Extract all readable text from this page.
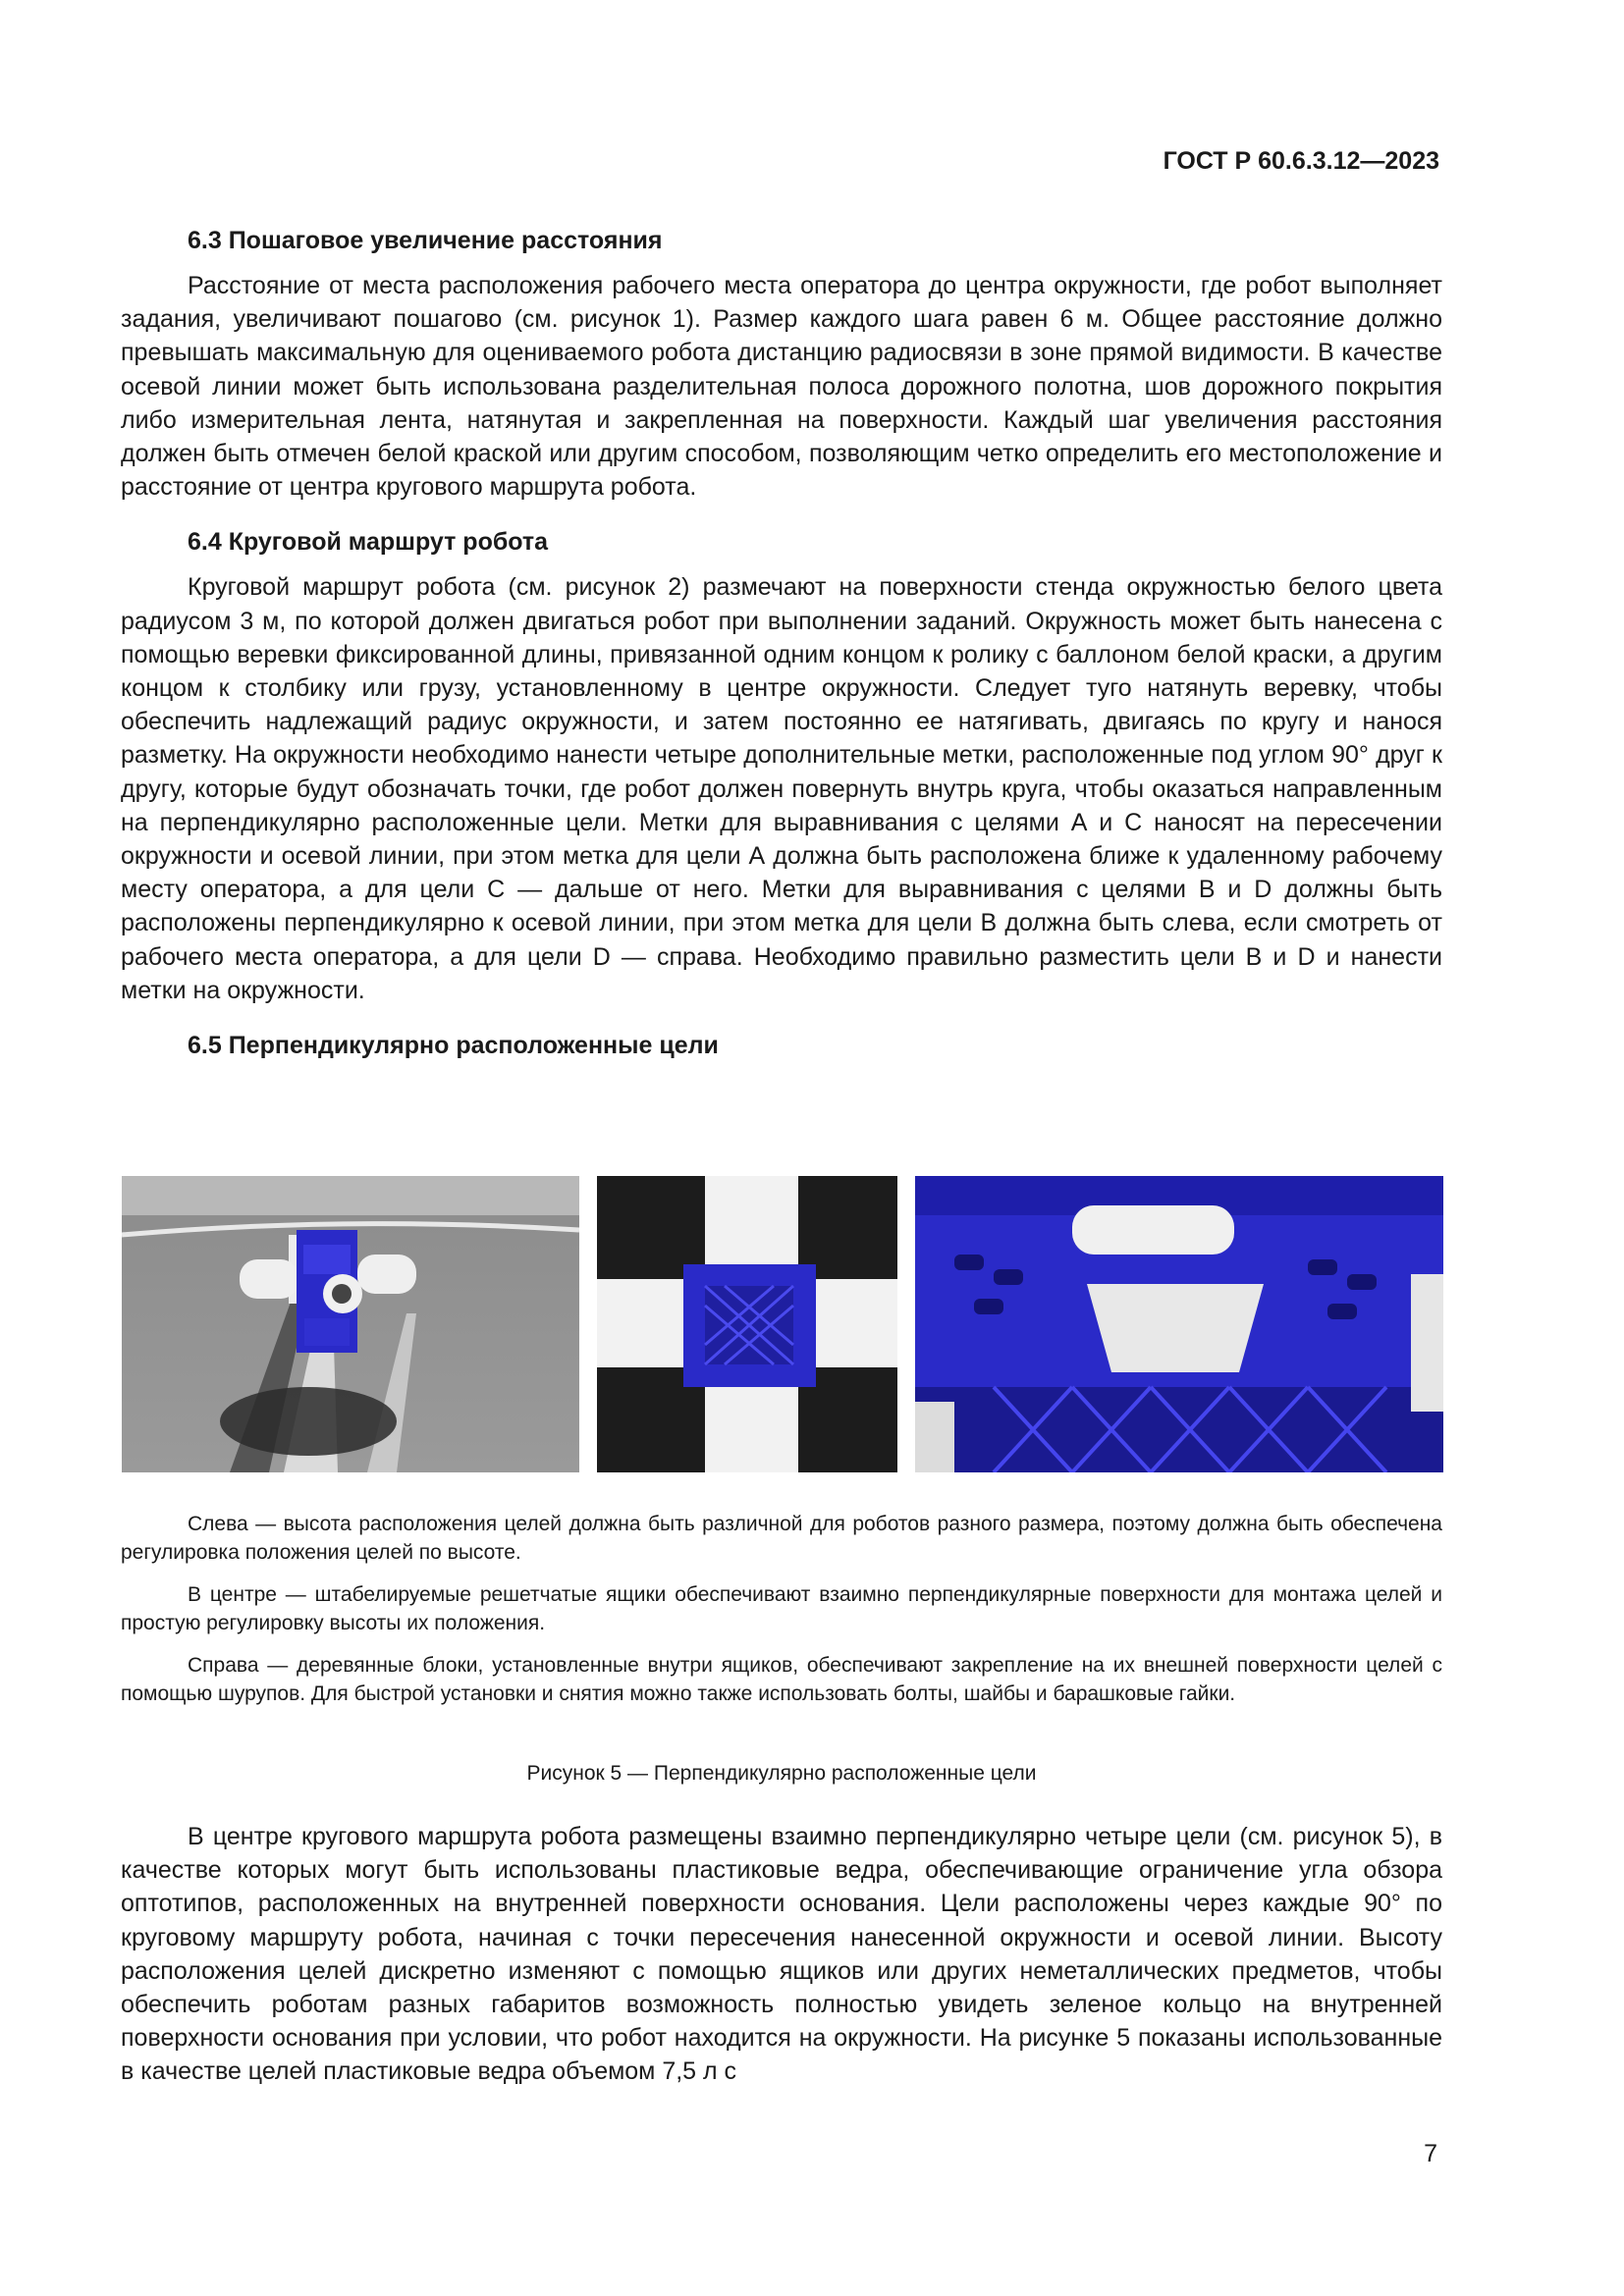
ГОСТ Р 60.6.3.12—2023
6.3 Пошаговое увеличение расстояния

Расстояние от места расположения рабочего места оператора до центра окружности, где робот выполняет задания, увеличивают пошагово (см. рисунок 1). Размер каждого шага равен 6 м. Общее расстояние должно превышать максимальную для оцениваемого робота дистанцию радиосвязи в зоне прямой видимости. В качестве осевой линии может быть использована разделительная полоса дорожного полотна, шов дорожного покрытия либо измерительная лента, натянутая и закрепленная на поверхности. Каждый шаг увеличения расстояния должен быть отмечен белой краской или другим способом, позволяющим четко определить его местоположение и расстояние от центра кругового маршрута робота.

6.4 Круговой маршрут робота

Круговой маршрут робота (см. рисунок 2) размечают на поверхности стенда окружностью белого цвета радиусом 3 м, по которой должен двигаться робот при выполнении заданий. Окружность может быть нанесена с помощью веревки фиксированной длины, привязанной одним концом к ролику с баллоном белой краски, а другим концом к столбику или грузу, установленному в центре окружности. Следует туго натянуть веревку, чтобы обеспечить надлежащий радиус окружности, и затем постоянно ее натягивать, двигаясь по кругу и нанося разметку. На окружности необходимо нанести четыре дополнительные метки, расположенные под углом 90° друг к другу, которые будут обозначать точки, где робот должен повернуть внутрь круга, чтобы оказаться направленным на перпендикулярно расположенные цели. Метки для выравнивания с целями А и С наносят на пересечении окружности и осевой линии, при этом метка для цели А должна быть расположена ближе к удаленному рабочему месту оператора, а для цели С — дальше от него. Метки для выравнивания с целями В и D должны быть расположены перпендикулярно к осевой линии, при этом метка для цели В должна быть слева, если смотреть от рабочего места оператора, а для цели D — справа. Необходимо правильно разместить цели В и D и нанести метки на окружности.

6.5 Перпендикулярно расположенные цели

Слева — высота расположения целей должна быть различной для роботов разного размера, поэтому должна быть обеспечена регулировка положения целей по высоте.

В центре — штабелируемые решетчатые ящики обеспечивают взаимно перпендикулярные поверхности для монтажа целей и простую регулировку высоты их положения.

Справа — деревянные блоки, установленные внутри ящиков, обеспечивают закрепление на их внешней поверхности целей с помощью шурупов. Для быстрой установки и снятия можно также использовать болты, шайбы и барашковые гайки.

Рисунок 5 — Перпендикулярно расположенные цели

В центре кругового маршрута робота размещены взаимно перпендикулярно четыре цели (см. рисунок 5), в качестве которых могут быть использованы пластиковые ведра, обеспечивающие ограничение угла обзора оптотипов, расположенных на внутренней поверхности основания. Цели расположены через каждые 90° по круговому маршруту робота, начиная с точки пересечения нанесенной окружности и осевой линии. Высоту расположения целей дискретно изменяют с помощью ящиков или других неметаллических предметов, чтобы обеспечить роботам разных габаритов возможность полностью увидеть зеленое кольцо на внутренней поверхности основания при условии, что робот находится на окружности. На рисунке 5 показаны использованные в качестве целей пластиковые ведра объемом 7,5 л с

7
